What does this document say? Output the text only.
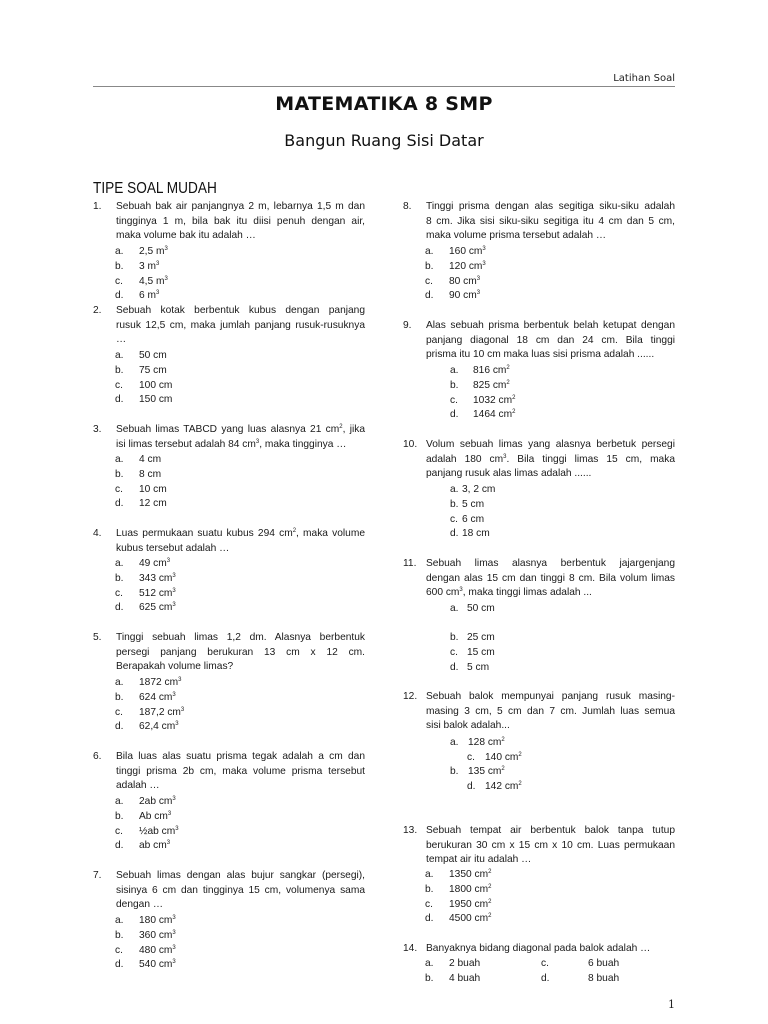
Latihan Soal
MATEMATIKA 8 SMP
Bangun Ruang Sisi Datar
TIPE SOAL MUDAH
1. Sebuah bak air panjangnya 2 m, lebarnya 1,5 m dan
tingginya 1 m, bila bak itu diisi penuh dengan air,
maka volume bak itu adalah …
a. 2,5 $m^3$
b. 3 $m^3$
c. 4,5 $m^3$
d. 6 $m^3$
2. Sebuah kotak berbentuk kubus dengan panjang
rusuk 12,5 cm, maka jumlah panjang rusuk-rusuknya
…
a. 50 cm
b. 75 cm
c. 100 cm
d. 150 cm
3. Sebuah limas TABCD yang luas alasnya 21 $cm^2$, jika
isi limas tersebut adalah 84 $cm^3$, maka tingginya …
a. 4 cm
b. 8 cm
c. 10 cm
d. 12 cm
4. Luas permukaan suatu kubus 294 $cm^2$, maka volume
kubus tersebut adalah …
a. 49 $cm^3$
b. 343 $cm^3$
c. 512 $cm^3$
d. 625 $cm^3$
5. Tinggi sebuah limas 1,2 dm. Alasnya berbentuk
persegi panjang berukuran 13 cm x 12 cm.
Berapakah volume limas?
a. 1872 $cm^3$
b. 624 $cm^3$
c. 187,2 $cm^3$
d. 62,4 $cm^3$
6. Bila luas alas suatu prisma tegak adalah a cm dan
tinggi prisma 2b cm, maka volume prisma tersebut
adalah …
a. 2ab $cm^3$
b. Ab $cm^3$
c. ½ab $cm^3$
d. ab $cm^3$
7. Sebuah limas dengan alas bujur sangkar (persegi),
sisinya 6 cm dan tingginya 15 cm, volumenya sama
dengan …
a. 180 $cm^3$
b. 360 $cm^3$
c. 480 $cm^3$
d. 540 $cm^3$
8. Tinggi prisma dengan alas segitiga siku-siku adalah
8 cm. Jika sisi siku-siku segitiga itu 4 cm dan 5 cm,
maka volume prisma tersebut adalah …
a. 160 $cm^3$
b. 120 $cm^3$
c. 80 $cm^3$
d. 90 $cm^3$
9. Alas sebuah prisma berbentuk belah ketupat dengan
panjang diagonal 18 cm dan 24 cm. Bila tinggi
prisma itu 10 cm maka luas sisi prisma adalah ......
a. 816 $cm^2$
b. 825 $cm^2$
c. 1032 $cm^2$
d. 1464 $cm^2$
10. Volum sebuah limas yang alasnya berbetuk persegi
adalah 180 $cm^3$. Bila tinggi limas 15 cm, maka
panjang rusuk alas limas adalah ......
a. 3, 2 cm
b. 5 cm
c. 6 cm
d. 18 cm
11. Sebuah limas alasnya berbentuk jajargenjang
dengan alas 15 cm dan tinggi 8 cm. Bila volum limas
600 $cm^3$, maka tinggi limas adalah ...
a. 50 cm
b. 25 cm
c. 15 cm
d. 5 cm
12. Sebuah balok mempunyai panjang rusuk masing-
masing 3 cm, 5 cm dan 7 cm. Jumlah luas semua
sisi balok adalah...
a. 128 $cm^2$
c. 140 $cm^2$
b. 135 $cm^2$
d. 142 $cm^2$
13. Sebuah tempat air berbentuk balok tanpa tutup
berukuran 30 cm x 15 cm x 10 cm. Luas permukaan
tempat air itu adalah …
a. 1350 $cm^2$
b. 1800 $cm^2$
c. 1950 $cm^2$
d. 4500 $cm^2$
14. Banyaknya bidang diagonal pada balok adalah …
a. 2 buah	c.	6 buah
b. 4 buah	d.	8 buah
1
